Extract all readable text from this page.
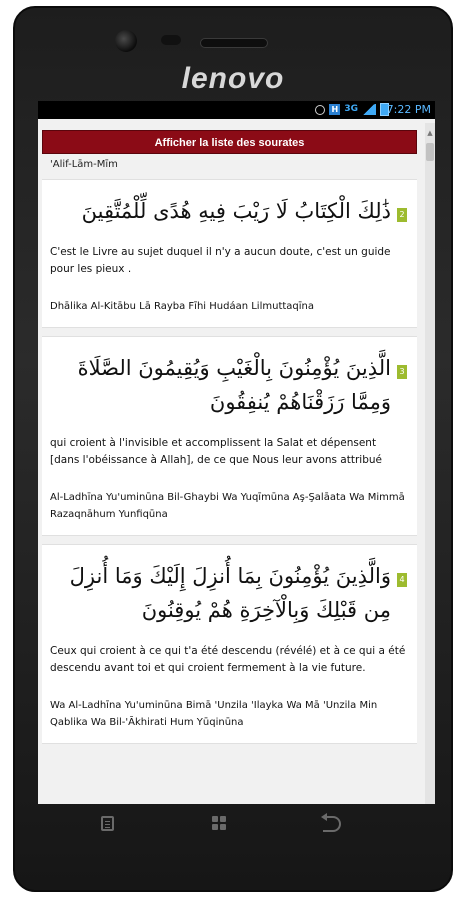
lenovo
H 3G	7:22 PM
Afficher la liste des sourates
▲
'Alif-Lām-Mīm
ذَٰلِكَ الْكِتَابُ لَا رَيْبَ فِيهِ هُدًى لِّلْمُتَّقِينَ	2
C'est le Livre au sujet duquel il n'y a aucun doute, c'est un guide pour les pieux .
Dhālika Al-Kitābu Lā Rayba Fīhi Hudáan Lilmuttaqīna
الَّذِينَ يُؤْمِنُونَ بِالْغَيْبِ وَيُقِيمُونَ الصَّلَاةَ وَمِمَّا رَزَقْنَاهُمْ يُنفِقُونَ
3
qui croient à l'invisible et accomplissent la Salat et dépensent [dans l'obéissance à Allah], de ce que Nous leur avons attribué
Al-Ladhīna Yu'uminūna Bil-Ghaybi Wa Yuqīmūna Aş-Şalāata Wa Mimmā Razaqnāhum Yunfiqūna
وَالَّذِينَ يُؤْمِنُونَ بِمَا أُنزِلَ إِلَيْكَ وَمَا أُنزِلَ مِن قَبْلِكَ وَبِالْآخِرَةِ هُمْ يُوقِنُونَ
4
Ceux qui croient à ce qui t'a été descendu (révélé) et à ce qui a été descendu avant toi et qui croient fermement à la vie future.
Wa Al-Ladhīna Yu'uminūna Bimā 'Unzila 'Ilayka Wa Mā 'Unzila Min Qablika Wa Bil-'Ākhirati Hum Yūqinūna
